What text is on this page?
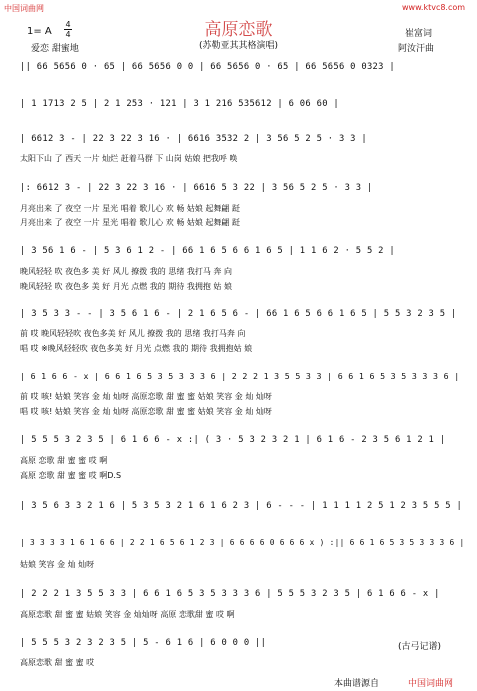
中国词曲网	www.ktvc8.com
1= A
4
4	高原恋歌
(苏勒亚其其格演唱)
爱恋 甜蜜地
崔富词
阿汝汗曲
|| 66 5656 0 · 65 | 66 5656 0 0 | 66 5656 0 · 65 | 66 5656 0 0323 |
| 1 1713 2 5 | 2 1 253 · 121 | 3 1 216 535612 | 6 06 60 |
| 6612 3 - | 22 3 22 3 16 · | 6616 3532 2 | 3 56 5 2 5 · 3 3 |
太阳下山 了 西天 一片 灿烂 赶着马群 下 山岗 姑娘 把我呼 唤
|: 6612 3 - | 22 3 22 3 16 · | 6616 5 3 22 | 3 56 5 2 5 · 3 3 |
月亮出来 了 夜空 一片 星光 唱着 歌儿心 欢 畅 姑娘 起舞翩 跹
月亮出来 了 夜空 一片 星光 唱着 歌儿心 欢 畅 姑娘 起舞翩 跹
| 3 56 1 6 - | 5 3 6 1 2 - | 66 1 6 5 6 6 1 6 5 | 1 1 6 2 · 5 5 2 |
晚风轻轻 吹 夜色多 美 好 风儿 撩拨 我的 思绪 我打马 奔 向
晚风轻轻 吹 夜色多 美 好 月光 点燃 我的 期待 我拥抱 姑 娘
| 3 5 3 3 - - | 3 5 6 1 6 - | 2 1 6 5 6 - | 66 1 6 5 6 6 1 6 5 | 5 5 3 2 3 5 |
前 哎 晚风轻轻吹 夜色多美 好 风儿 撩拨 我的 思绪 我打马奔 向
唱 哎 ※晚风轻轻吹 夜色多美 好 月光 点燃 我的 期待 我拥抱姑 娘
| 6 1 6 6 - x | 6 6 1 6 5 3 5 3 3 3 6 | 2 2 2 1 3 5 5 3 3 | 6 6 1 6 5 3 5 3 3 3 6 |
前 哎 咳! 姑娘 笑容 金 灿 灿呀 高原恋歌 甜 蜜 蜜 姑娘 笑容 金 灿 灿呀
唱 哎 咳! 姑娘 笑容 金 灿 灿呀 高原恋歌 甜 蜜 蜜 姑娘 笑容 金 灿 灿呀
| 5 5 5 3 2 3 5 | 6 1 6 6 - x :| ( 3 · 5 3 2 3 2 1 | 6 1 6 - 2 3 5 6 1 2 1 |
高原 恋歌 甜 蜜 蜜 哎 啊
高原 恋歌 甜 蜜 蜜 哎 啊D.S
| 3 5 6 3 3 2 1 6 | 5 3 5 3 2 1 6 1 6 2 3 | 6 - - - | 1 1 1 1 2 5 1 2 3 5 5 5 |
| 3 3 3 3 1 6 1 6 6 | 2 2 1 6 5 6 1 2 3 | 6 6 6 6 0 6 6 6 x ) :|| 6 6 1 6 5 3 5 3 3 3 6 |
姑娘 笑容 金 灿 灿呀
| 2 2 2 1 3 5 5 3 3 | 6 6 1 6 5 3 5 3 3 3 6 | 5 5 5 3 2 3 5 | 6 1 6 6 - x |
高原恋歌 甜 蜜 蜜 姑娘 笑容 金 灿灿呀 高原 恋歌甜 蜜 哎 啊
| 5 5 5 3 2 3 2 3 5 | 5 - 6 1 6 | 6 0 0 0 ||
高原恋歌 甜 蜜 蜜 哎
(古弓记谱)
本曲谱源自	中国词曲网
